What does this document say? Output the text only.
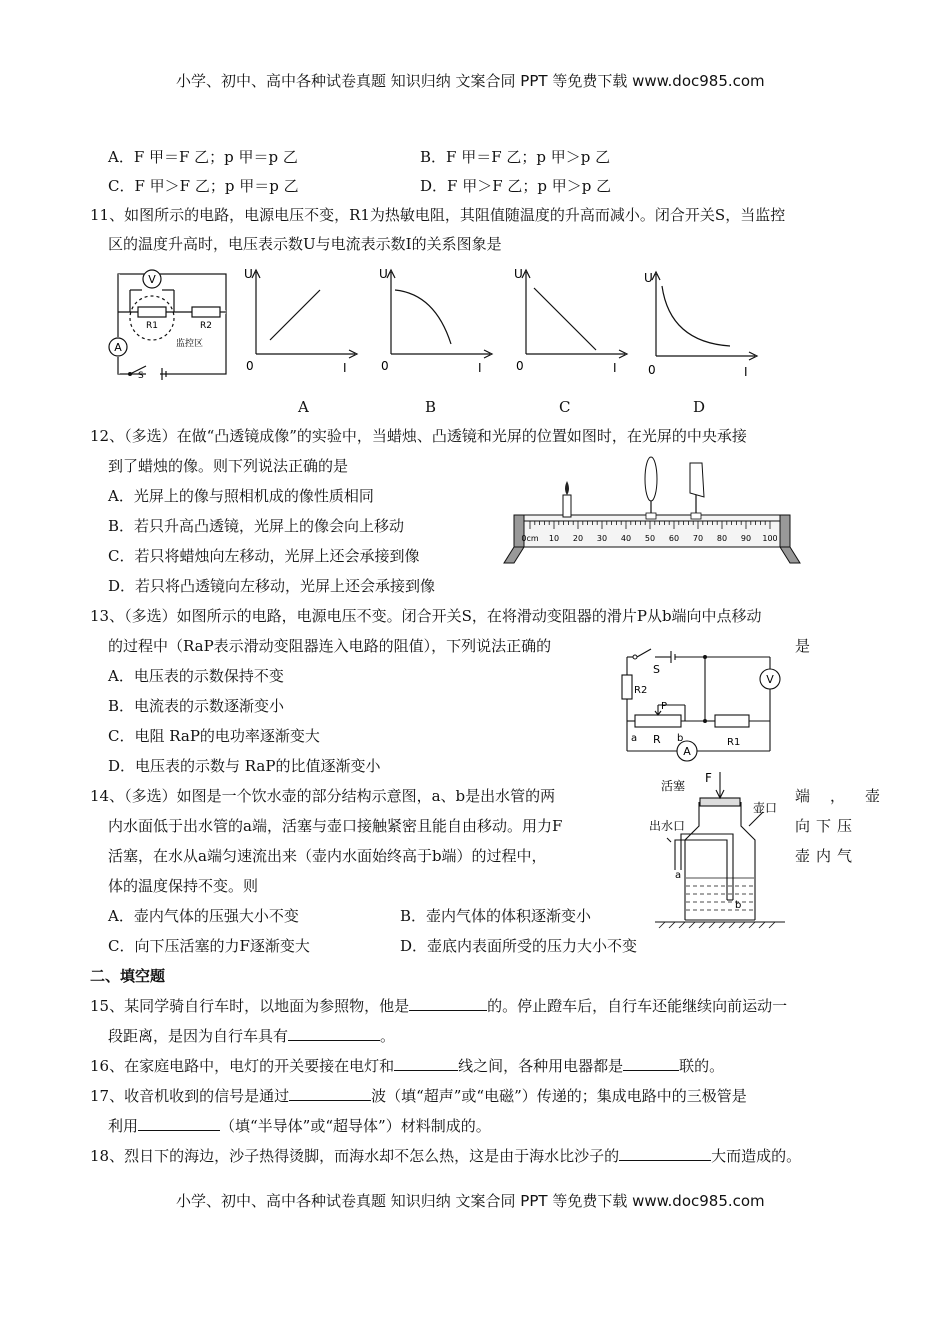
小学、初中、高中各种试卷真题 知识归纳 文案合同 PPT 等免费下载 www.doc985.com
小学、初中、高中各种试卷真题 知识归纳 文案合同 PPT 等免费下载 www.doc985.com
A．F 甲＝F 乙；p 甲＝p 乙	B．F 甲＝F 乙；p 甲＞p 乙
C．F 甲＞F 乙；p 甲＝p 乙	D．F 甲＞F 乙；p 甲＞p 乙
11、如图所示的电路，电源电压不变，R1为热敏电阻，其阻值随温度的升高而减小。闭合开关S，当监控
区的温度升高时，电压表示数U与电流表示数I的关系图象是
V
A
R1	R2
S
监控区
U
0	I
U
0	I
U
0	I
U
0	I
A	B	C	D
12、（多选）在做“凸透镜成像”的实验中，当蜡烛、凸透镜和光屏的位置如图时，在光屏的中央承接
到了蜡烛的像。则下列说法正确的是
A．光屏上的像与照相机成的像性质相同
B．若只升高凸透镜，光屏上的像会向上移动
C．若只将蜡烛向左移动，光屏上还会承接到像
D．若只将凸透镜向左移动，光屏上还会承接到像
0cm 10 20 30 40 50 60 70 80 90 100
13、（多选）如图所示的电路，电源电压不变。闭合开关S，在将滑动变阻器的滑片P从b端向中点移动
的过程中（RaP表示滑动变阻器连入电路的阻值），下列说法正确的	是
A．电压表的示数保持不变
B．电流表的示数逐渐变小
C．电阻 RaP的电功率逐渐变大
D．电压表的示数与 RaP的比值逐渐变小
S
R2
P
a R b	R1
V
A
14、（多选）如图是一个饮水壶的部分结构示意图，a、b是出水管的两	端，壶
内水面低于出水管的a端，活塞与壶口接触紧密且能自由移动。用力F	向下压
活塞，在水从a端匀速流出来（壶内水面始终高于b端）的过程中，	壶内气
体的温度保持不变。则
A．壶内气体的压强大小不变	B．壶内气体的体积逐渐变小
C．向下压活塞的力F逐渐变大	D．壶底内表面所受的压力大小不变
活塞
F
壶口
出水口
a
b
二、填空题
15、某同学骑自行车时，以地面为参照物，他是	的。停止蹬车后，自行车还能继续向前运动一
段距离，是因为自行车具有	。
16、在家庭电路中，电灯的开关要接在电灯和	线之间，各种用电器都是	联的。
17、收音机收到的信号是通过	波（填“超声”或“电磁”）传递的；集成电路中的三极管是
利用	（填“半导体”或“超导体”）材料制成的。
18、烈日下的海边，沙子热得烫脚，而海水却不怎么热，这是由于海水比沙子的	大而造成的。
